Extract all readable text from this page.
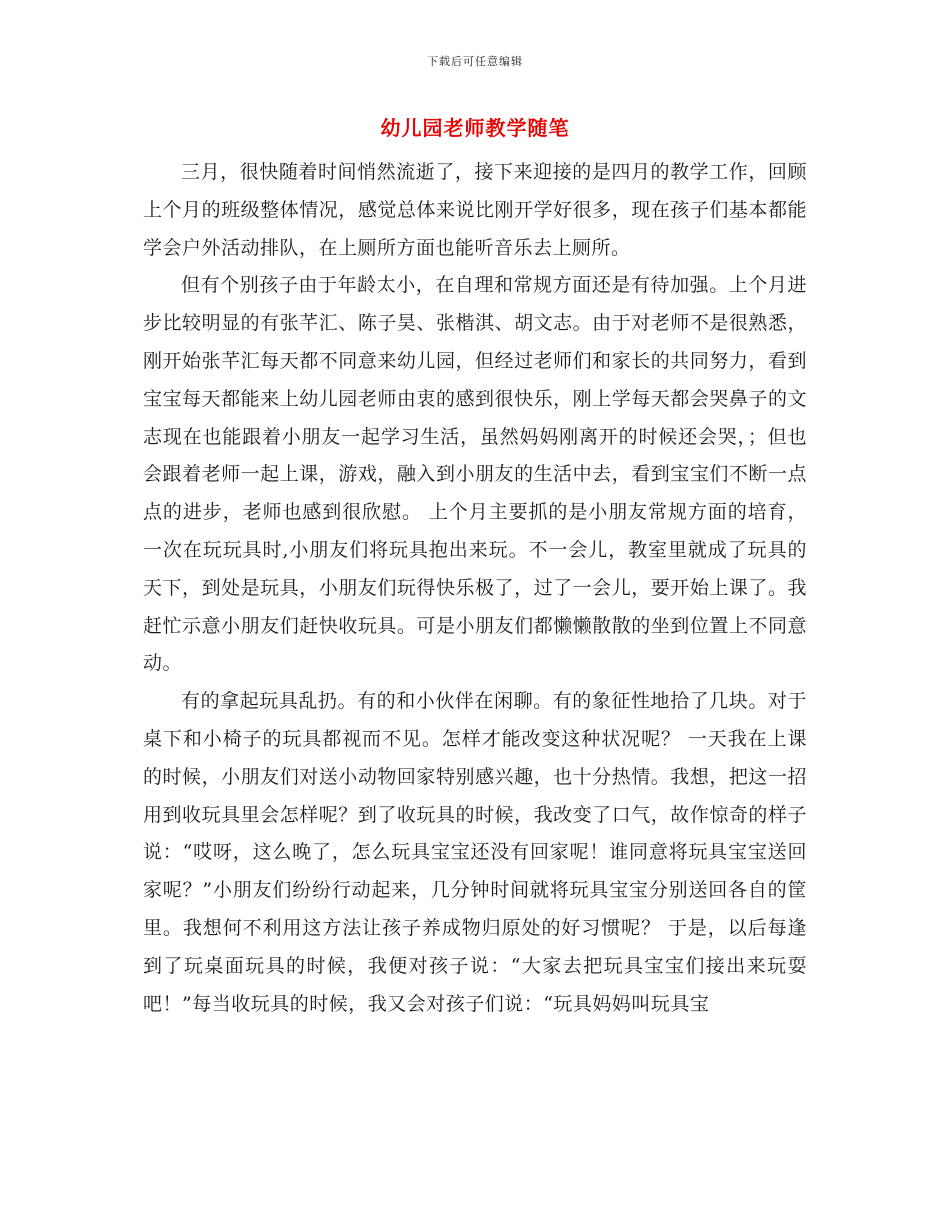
下载后可任意编辑
幼儿园老师教学随笔

三月，很快随着时间悄然流逝了，接下来迎接的是四月的教学工作，回顾上个月的班级整体情况，感觉总体来说比刚开学好很多，现在孩子们基本都能学会户外活动排队，在上厕所方面也能听音乐去上厕所。

但有个别孩子由于年龄太小，在自理和常规方面还是有待加强。上个月进步比较明显的有张芊汇、陈子昊、张楷淇、胡文志。由于对老师不是很熟悉，刚开始张芊汇每天都不同意来幼儿园，但经过老师们和家长的共同努力，看到宝宝每天都能来上幼儿园老师由衷的感到很快乐，刚上学每天都会哭鼻子的文志现在也能跟着小朋友一起学习生活，虽然妈妈刚离开的时候还会哭，；但也会跟着老师一起上课，游戏，融入到小朋友的生活中去，看到宝宝们不断一点点的进步，老师也感到很欣慰。 上个月主要抓的是小朋友常规方面的培育，一次在玩玩具时,小朋友们将玩具抱出来玩。不一会儿，教室里就成了玩具的天下，到处是玩具，小朋友们玩得快乐极了，过了一会儿，要开始上课了。我赶忙示意小朋友们赶快收玩具。可是小朋友们都懒懒散散的坐到位置上不同意动。

有的拿起玩具乱扔。有的和小伙伴在闲聊。有的象征性地拾了几块。对于桌下和小椅子的玩具都视而不见。怎样才能改变这种状况呢？ 一天我在上课的时候，小朋友们对送小动物回家特别感兴趣，也十分热情。我想，把这一招用到收玩具里会怎样呢？到了收玩具的时候，我改变了口气，故作惊奇的样子说：“哎呀，这么晚了，怎么玩具宝宝还没有回家呢！谁同意将玩具宝宝送回家呢？”小朋友们纷纷行动起来，几分钟时间就将玩具宝宝分别送回各自的筐里。我想何不利用这方法让孩子养成物归原处的好习惯呢？ 于是，以后每逢到了玩桌面玩具的时候，我便对孩子说：“大家去把玩具宝宝们接出来玩耍吧！”每当收玩具的时候，我又会对孩子们说：“玩具妈妈叫玩具宝
